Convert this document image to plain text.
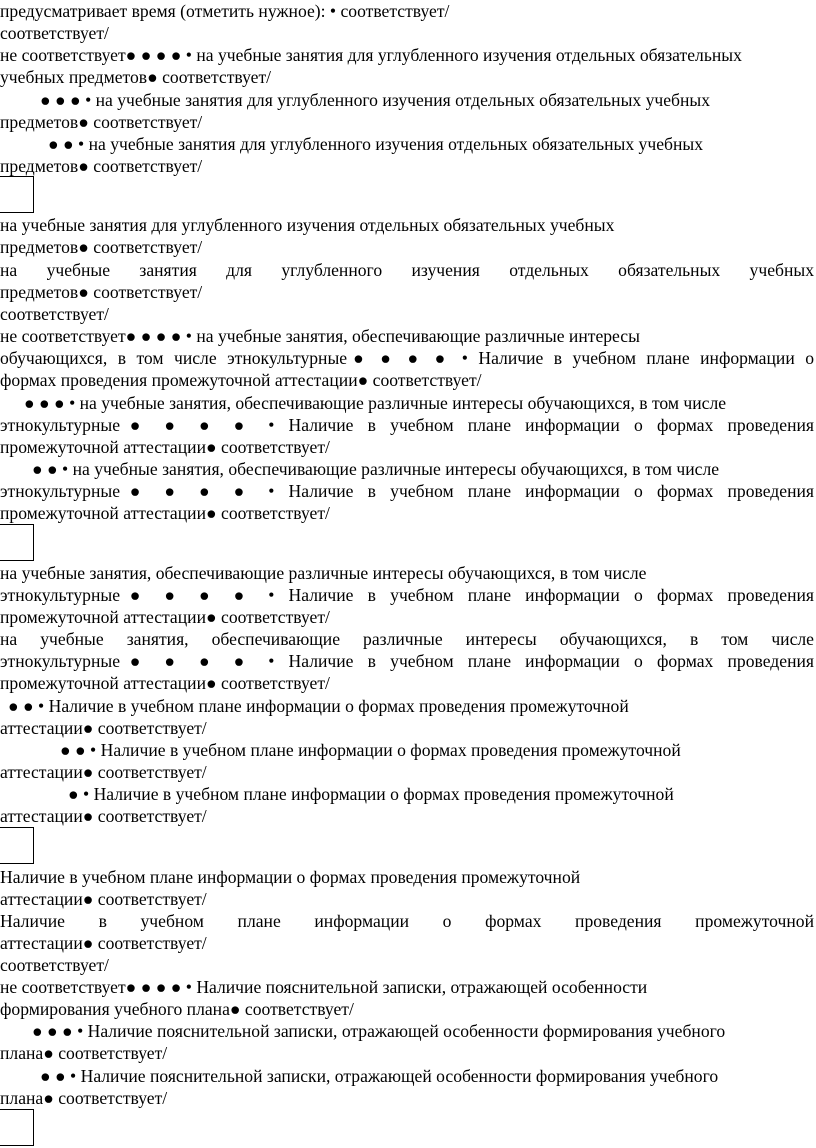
предусматривает время (отметить нужное): • соответствует/
соответствует/
не соответствует● ● ● ● • на учебные занятия для углубленного изучения отдельных обязательных
учебных предметов● соответствует/
● ● ● • на учебные занятия для углубленного изучения отдельных обязательных учебных
предметов● соответствует/
● ● • на учебные занятия для углубленного изучения отдельных обязательных учебных
предметов● соответствует/
на учебные занятия для углубленного изучения отдельных обязательных учебных
предметов● соответствует/
на учебные занятия для углубленного изучения отдельных обязательных учебных
предметов● соответствует/
соответствует/
не соответствует● ● ● ● • на учебные занятия, обеспечивающие различные интересы
обучающихся, в том числе этнокультурные● ● ● ● • Наличие в учебном плане информации о
формах проведения промежуточной аттестации● соответствует/
● ● ● • на учебные занятия, обеспечивающие различные интересы обучающихся, в том числе
этнокультурные● ● ● ● • Наличие в учебном плане информации о формах проведения
промежуточной аттестации● соответствует/
● ● • на учебные занятия, обеспечивающие различные интересы обучающихся, в том числе
этнокультурные● ● ● ● • Наличие в учебном плане информации о формах проведения
промежуточной аттестации● соответствует/
на учебные занятия, обеспечивающие различные интересы обучающихся, в том числе
этнокультурные● ● ● ● • Наличие в учебном плане информации о формах проведения
промежуточной аттестации● соответствует/
на учебные занятия, обеспечивающие различные интересы обучающихся, в том числе
этнокультурные● ● ● ● • Наличие в учебном плане информации о формах проведения
промежуточной аттестации● соответствует/
● ● • Наличие в учебном плане информации о формах проведения промежуточной
аттестации● соответствует/
● ● • Наличие в учебном плане информации о формах проведения промежуточной
аттестации● соответствует/
● • Наличие в учебном плане информации о формах проведения промежуточной
аттестации● соответствует/
Наличие в учебном плане информации о формах проведения промежуточной
аттестации● соответствует/
Наличие в учебном плане информации о формах проведения промежуточной
аттестации● соответствует/
соответствует/
не соответствует● ● ● ● • Наличие пояснительной записки, отражающей особенности
формирования учебного плана● соответствует/
● ● ● • Наличие пояснительной записки, отражающей особенности формирования учебного
плана● соответствует/
● ● • Наличие пояснительной записки, отражающей особенности формирования учебного
плана● соответствует/
